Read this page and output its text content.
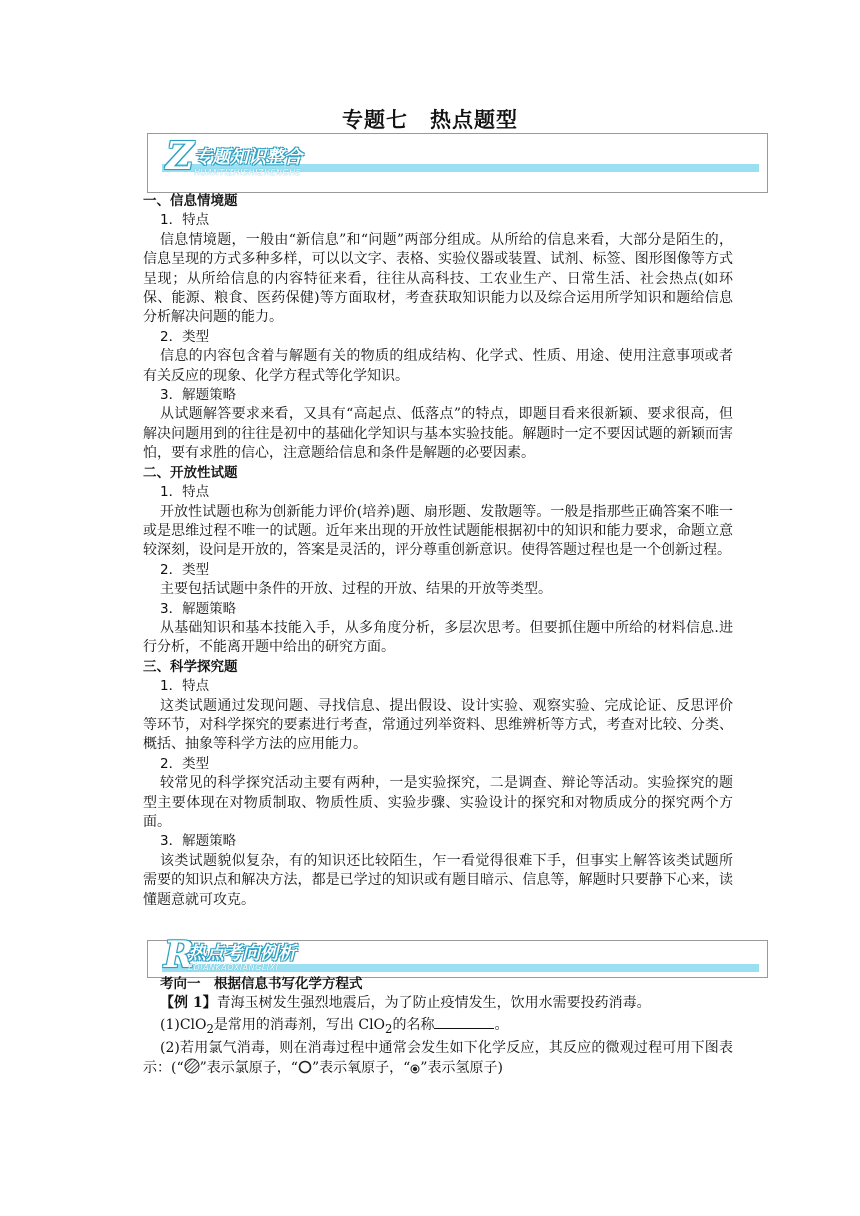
专题七　热点题型
Z 专题知识整合
HUANTIZHISHIZHENGHE

一、信息情境题

1．特点

信息情境题，一般由“新信息”和“问题”两部分组成。从所给的信息来看，大部分是陌生的，信息呈现的方式多种多样，可以以文字、表格、实验仪器或装置、试剂、标签、图形图像等方式呈现；从所给信息的内容特征来看，往往从高科技、工农业生产、日常生活、社会热点(如环保、能源、粮食、医药保健)等方面取材，考查获取知识能力以及综合运用所学知识和题给信息分析解决问题的能力。

2．类型

信息的内容包含着与解题有关的物质的组成结构、化学式、性质、用途、使用注意事项或者有关反应的现象、化学方程式等化学知识。

3．解题策略

从试题解答要求来看，又具有“高起点、低落点”的特点，即题目看来很新颖、要求很高，但解决问题用到的往往是初中的基础化学知识与基本实验技能。解题时一定不要因试题的新颖而害怕，要有求胜的信心，注意题给信息和条件是解题的必要因素。

二、开放性试题

1．特点

开放性试题也称为创新能力评价(培养)题、扇形题、发散题等。一般是指那些正确答案不唯一或是思维过程不唯一的试题。近年来出现的开放性试题能根据初中的知识和能力要求，命题立意较深刻，设问是开放的，答案是灵活的，评分尊重创新意识。使得答题过程也是一个创新过程。

2．类型

主要包括试题中条件的开放、过程的开放、结果的开放等类型。

3．解题策略

从基础知识和基本技能入手，从多角度分析，多层次思考。但要抓住题中所给的材料信息.进行分析，不能离开题中给出的研究方面。

三、科学探究题

1．特点

这类试题通过发现问题、寻找信息、提出假设、设计实验、观察实验、完成论证、反思评价等环节，对科学探究的要素进行考查，常通过列举资料、思维辨析等方式，考查对比较、分类、概括、抽象等科学方法的应用能力。

2．类型

较常见的科学探究活动主要有两种，一是实验探究，二是调查、辩论等活动。实验探究的题型主要体现在对物质制取、物质性质、实验步骤、实验设计的探究和对物质成分的探究两个方面。

3．解题策略

该类试题貌似复杂，有的知识还比较陌生，乍一看觉得很难下手，但事实上解答该类试题所需要的知识点和解决方法，都是已学过的知识或有题目暗示、信息等，解题时只要静下心来，读懂题意就可攻克。

R
热点考向例析
EDIANKAOXIANGLIXI

考向一　根据信息书写化学方程式

【例 1】青海玉树发生强烈地震后，为了防止疫情发生，饮用水需要投药消毒。

(1)ClO$_2$是常用的消毒剂，写出 ClO$_2$的名称	。

(2)若用氯气消毒，则在消毒过程中通常会发生如下化学反应，其反应的微观过程可用下图表示：(“ ”表示氯原子，“ ”表示氧原子，“ ”表示氢原子)
